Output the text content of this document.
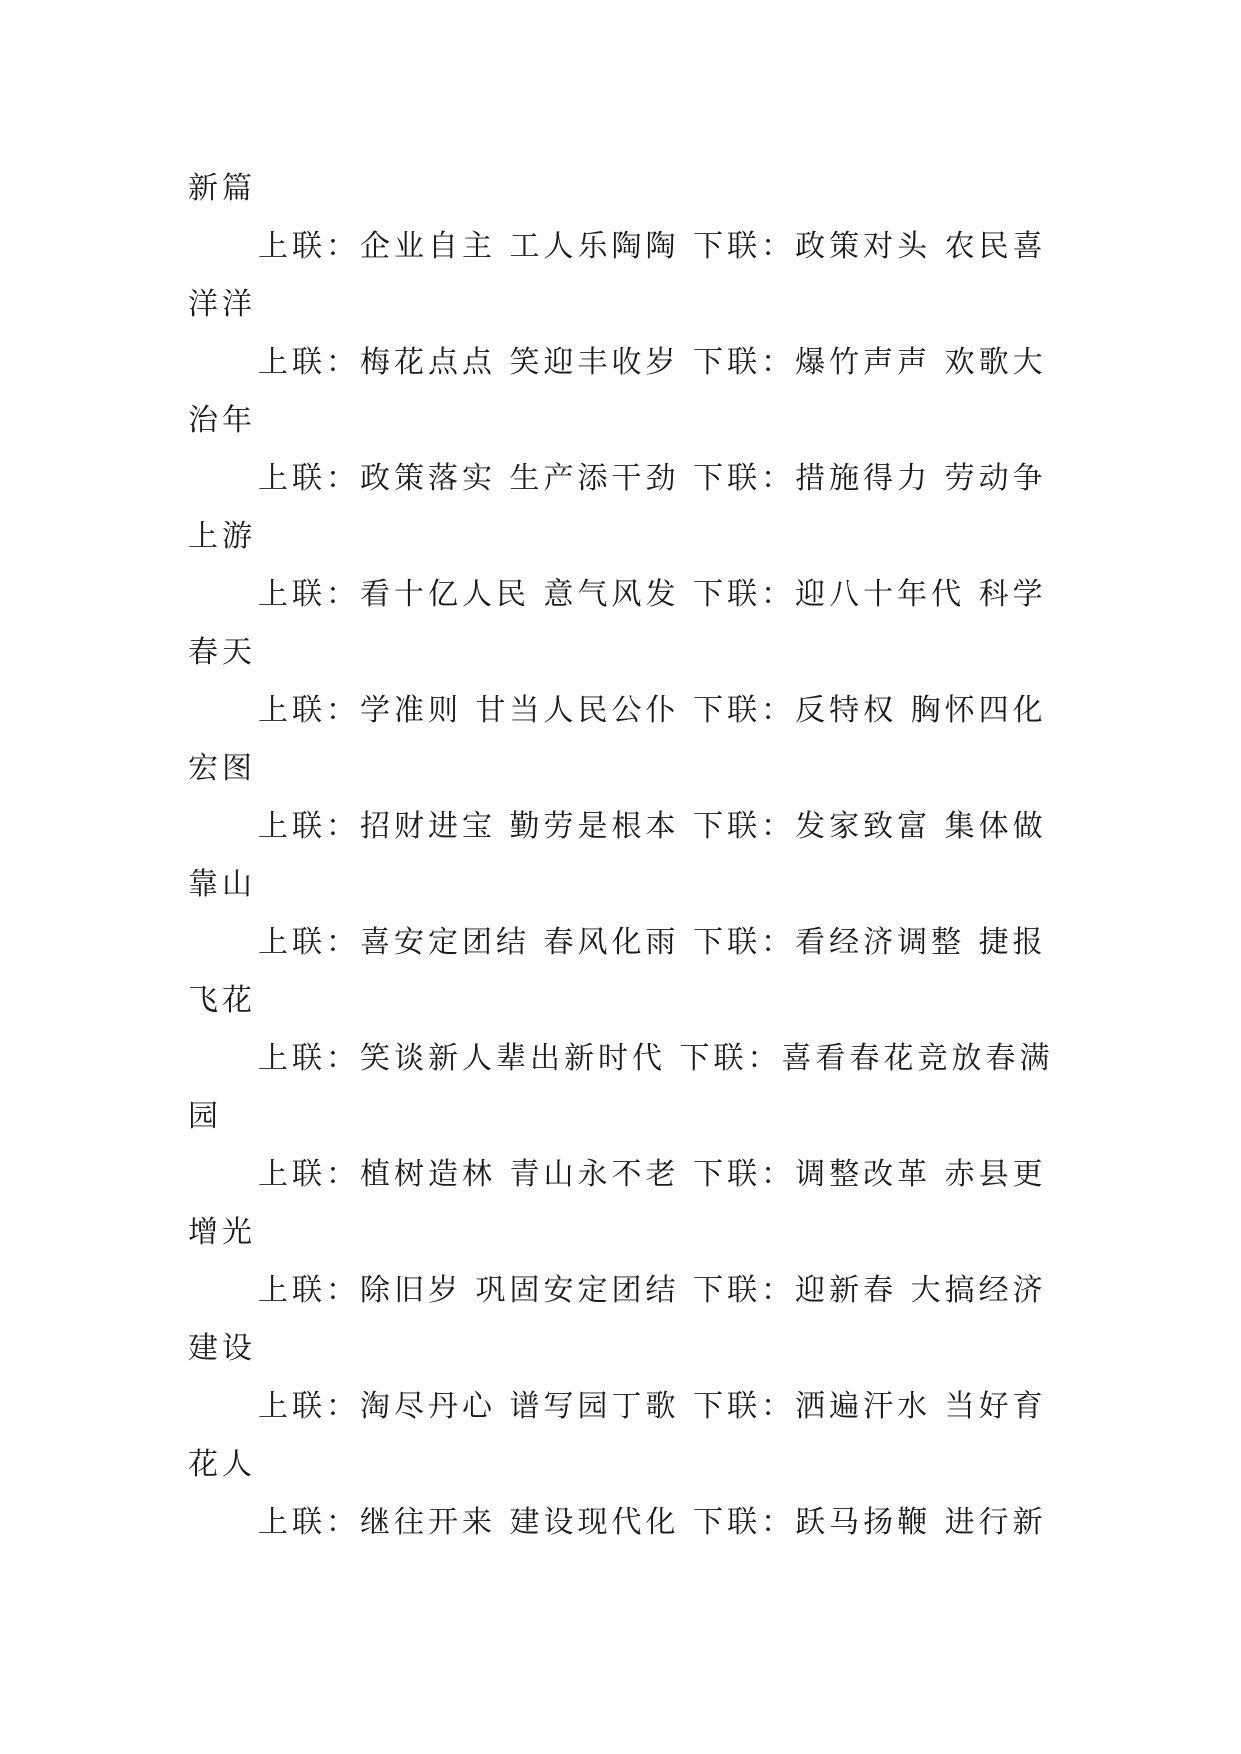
新篇
上联：企业自主 工人乐陶陶 下联：政策对头 农民喜
洋洋
上联：梅花点点 笑迎丰收岁 下联：爆竹声声 欢歌大
治年
上联：政策落实 生产添干劲 下联：措施得力 劳动争
上游
上联：看十亿人民 意气风发 下联：迎八十年代 科学
春天
上联：学准则 甘当人民公仆 下联：反特权 胸怀四化
宏图
上联：招财进宝 勤劳是根本 下联：发家致富 集体做
靠山
上联：喜安定团结 春风化雨 下联：看经济调整 捷报
飞花
上联：笑谈新人辈出新时代 下联：喜看春花竞放春满
园
上联：植树造林 青山永不老 下联：调整改革 赤县更
增光
上联：除旧岁 巩固安定团结 下联：迎新春 大搞经济
建设
上联：淘尽丹心 谱写园丁歌 下联：洒遍汗水 当好育
花人
上联：继往开来 建设现代化 下联：跃马扬鞭 进行新
